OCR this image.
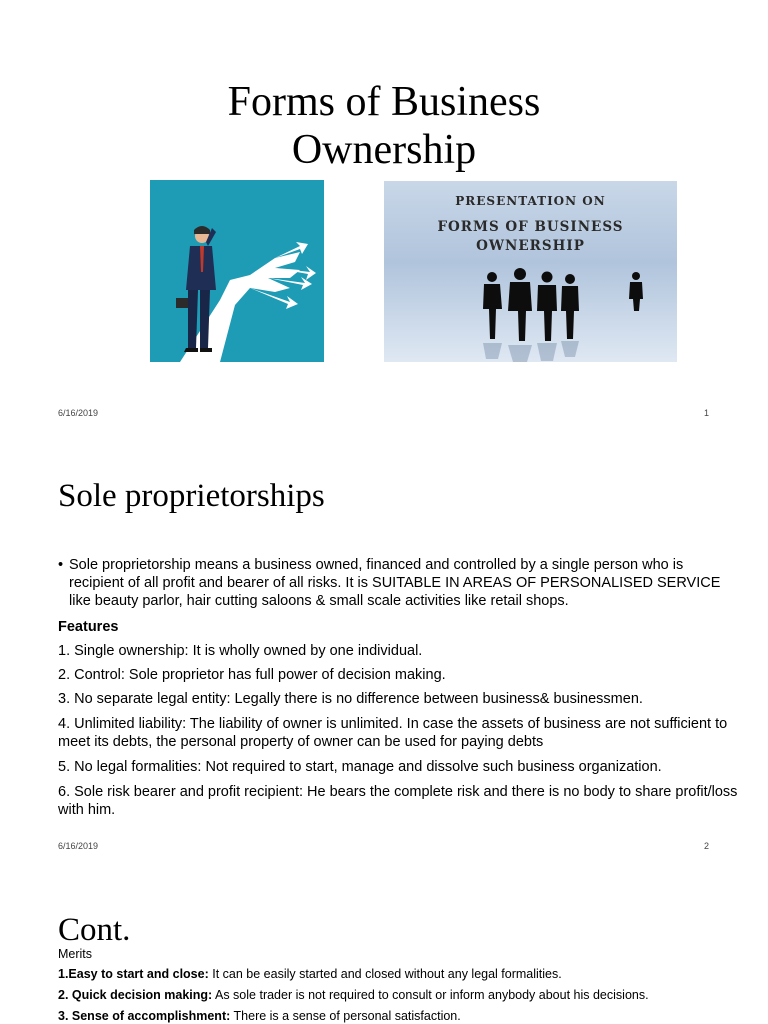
Forms of Business
Ownership
PRESENTATION ON
FORMS OF BUSINESS
OWNERSHIP
6/16/2019	1
Sole proprietorships
• Sole proprietorship means a business owned, financed and controlled by a single person who is recipient of all profit and bearer of all risks. It is SUITABLE IN AREAS OF PERSONALISED SERVICE like beauty parlor, hair cutting saloons & small scale activities like retail shops.
Features
1. Single ownership: It is wholly owned by one individual.
2. Control: Sole proprietor has full power of decision making.
3. No separate legal entity: Legally there is no difference between business& businessmen.
4. Unlimited liability: The liability of owner is unlimited. In case the assets of business are not sufficient to meet its debts, the personal property of owner can be used for paying debts
5. No legal formalities: Not required to start, manage and dissolve such business organization.
6. Sole risk bearer and profit recipient: He bears the complete risk and there is no body to share profit/loss with him.
6/16/2019	2
Cont.
Merits
1.Easy to start and close: It can be easily started and closed without any legal formalities.
2. Quick decision making: As sole trader is not required to consult or inform anybody about his decisions.
3. Sense of accomplishment: There is a sense of personal satisfaction.
